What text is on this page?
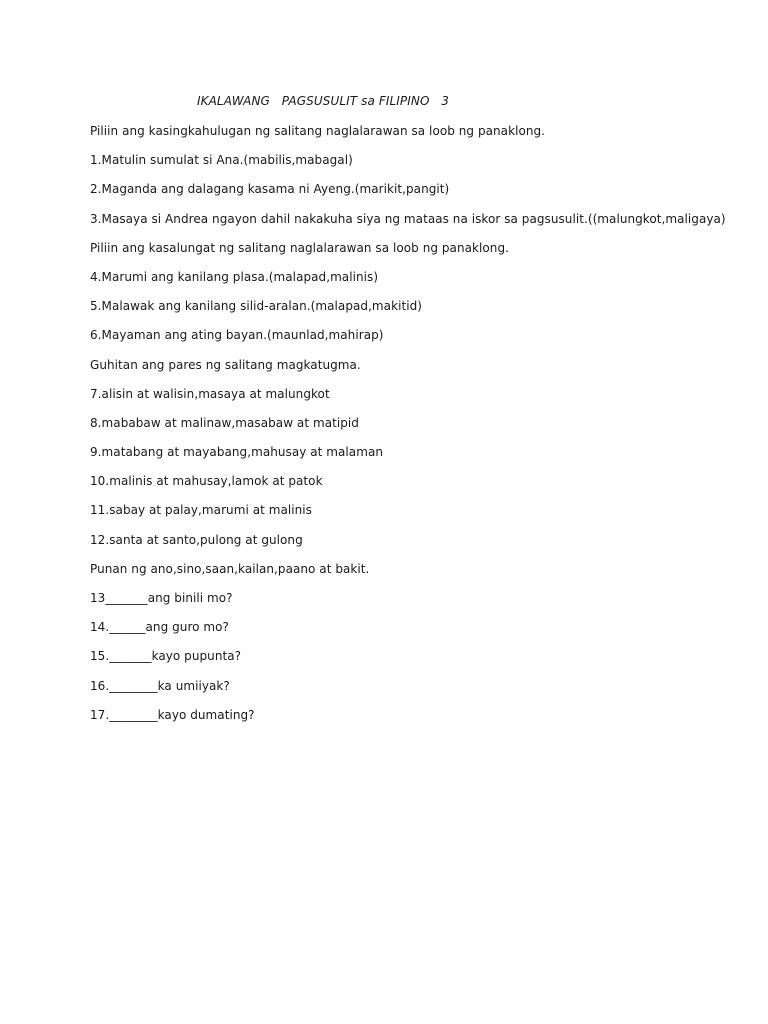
IKALAWANG   PAGSUSULIT sa FILIPINO   3
Piliin ang kasingkahulugan ng salitang naglalarawan sa loob ng panaklong.
1.Matulin sumulat si Ana.(mabilis,mabagal)
2.Maganda ang dalagang kasama ni Ayeng.(marikit,pangit)
3.Masaya si Andrea ngayon dahil nakakuha siya ng mataas na iskor sa pagsusulit.((malungkot,maligaya)
Piliin ang kasalungat ng salitang naglalarawan sa loob ng panaklong.
4.Marumi ang kanilang plasa.(malapad,malinis)
5.Malawak ang kanilang silid-aralan.(malapad,makitid)
6.Mayaman ang ating bayan.(maunlad,mahirap)
Guhitan ang pares ng salitang magkatugma.
7.alisin at walisin,masaya at malungkot
8.mababaw at malinaw,masabaw at matipid
9.matabang at mayabang,mahusay at malaman
10.malinis at mahusay,lamok at patok
11.sabay at palay,marumi at malinis
12.santa at santo,pulong at gulong
Punan ng ano,sino,saan,kailan,paano at bakit.
13_______ang binili mo?
14.______ang guro mo?
15._______kayo pupunta?
16.________ka umiiyak?
17.________kayo dumating?
